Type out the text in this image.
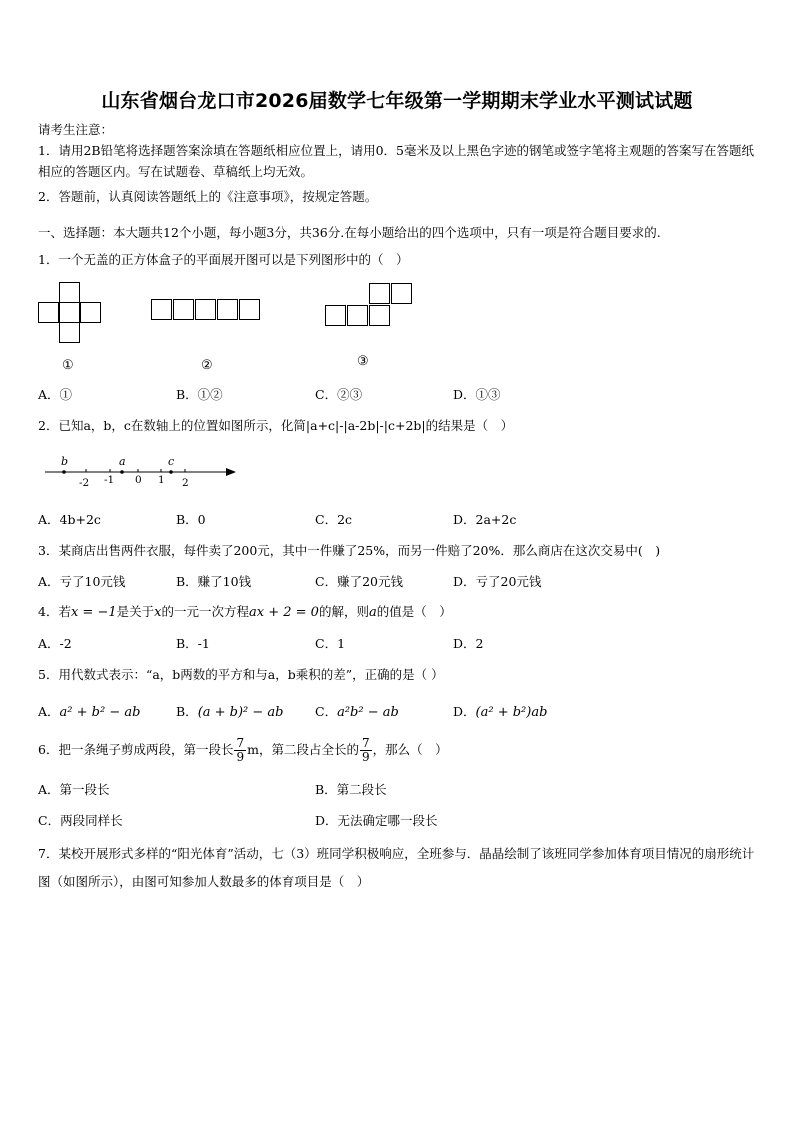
山东省烟台龙口市2026届数学七年级第一学期期末学业水平测试试题

请考生注意：

1．请用2B铅笔将选择题答案涂填在答题纸相应位置上，请用0．5毫米及以上黑色字迹的钢笔或签字笔将主观题的答案写在答题纸相应的答题区内。写在试题卷、草稿纸上均无效。

2．答题前，认真阅读答题纸上的《注意事项》，按规定答题。

一、选择题：本大题共12个小题，每小题3分，共36分.在每小题给出的四个选项中，只有一项是符合题目要求的.
1．一个无盖的正方体盒子的平面展开图可以是下列图形中的（　）
①	②	③
A．①	B．①②	C．②③	D．①③
2．已知a，b，c在数轴上的位置如图所示，化简|a+c|-|a-2b|-|c+2b|的结果是（　）
b	a	c
-2 -1 0 1 2
A．4b+2c	B．0	C．2c	D．2a+2c
3．某商店出售两件衣服，每件卖了200元，其中一件赚了25%，而另一件赔了20%．那么商店在这次交易中(　)
A．亏了10元钱	B．赚了10钱	C．赚了20元钱	D．亏了20元钱
4．若x = −1是关于x的一元一次方程ax + 2 = 0的解，则a的值是（　）
A．-2	B．-1	C．1	D．2
5．用代数式表示：“a，b两数的平方和与a，b乘积的差”，正确的是（ ）
A．a² + b² − ab	B．(a + b)² − ab	C．a²b² − ab	D．(a² + b²)ab
6．把一条绳子剪成两段，第一段长 $\frac{7}{9}$ m，第二段占全长的 $\frac{7}{9}$ ，那么（　）
A．第一段长	B．第二段长
C．两段同样长	D．无法确定哪一段长
7．某校开展形式多样的“阳光体育”活动，七（3）班同学积极响应，全班参与．晶晶绘制了该班同学参加体育项目情况的扇形统计图（如图所示），由图可知参加人数最多的体育项目是（　）
